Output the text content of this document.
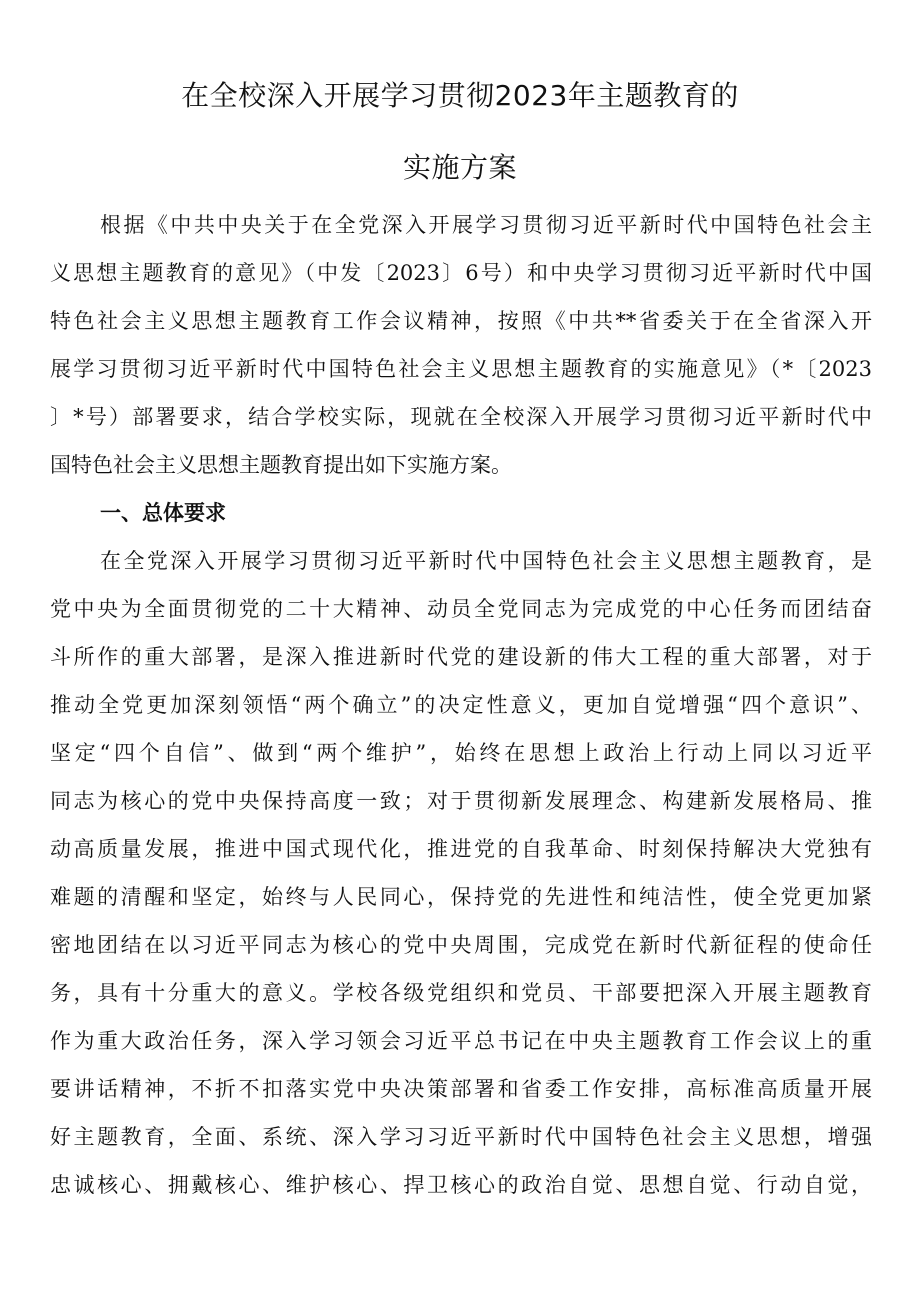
在全校深入开展学习贯彻2023年主题教育的
实施方案
根据《中共中央关于在全党深入开展学习贯彻习近平新时代中国特色社会主
义思想主题教育的意见》（中发〔2023〕6号）和中央学习贯彻习近平新时代中国
特色社会主义思想主题教育工作会议精神，按照《中共**省委关于在全省深入开
展学习贯彻习近平新时代中国特色社会主义思想主题教育的实施意见》（*〔2023
〕*号）部署要求，结合学校实际，现就在全校深入开展学习贯彻习近平新时代中
国特色社会主义思想主题教育提出如下实施方案。
一、总体要求
在全党深入开展学习贯彻习近平新时代中国特色社会主义思想主题教育，是
党中央为全面贯彻党的二十大精神、动员全党同志为完成党的中心任务而团结奋
斗所作的重大部署，是深入推进新时代党的建设新的伟大工程的重大部署，对于
推动全党更加深刻领悟“两个确立”的决定性意义，更加自觉增强“四个意识”、
坚定“四个自信”、做到“两个维护”，始终在思想上政治上行动上同以习近平
同志为核心的党中央保持高度一致；对于贯彻新发展理念、构建新发展格局、推
动高质量发展，推进中国式现代化，推进党的自我革命、时刻保持解决大党独有
难题的清醒和坚定，始终与人民同心，保持党的先进性和纯洁性，使全党更加紧
密地团结在以习近平同志为核心的党中央周围，完成党在新时代新征程的使命任
务，具有十分重大的意义。学校各级党组织和党员、干部要把深入开展主题教育
作为重大政治任务，深入学习领会习近平总书记在中央主题教育工作会议上的重
要讲话精神，不折不扣落实党中央决策部署和省委工作安排，高标准高质量开展
好主题教育，全面、系统、深入学习习近平新时代中国特色社会主义思想，增强
忠诚核心、拥戴核心、维护核心、捍卫核心的政治自觉、思想自觉、行动自觉，
